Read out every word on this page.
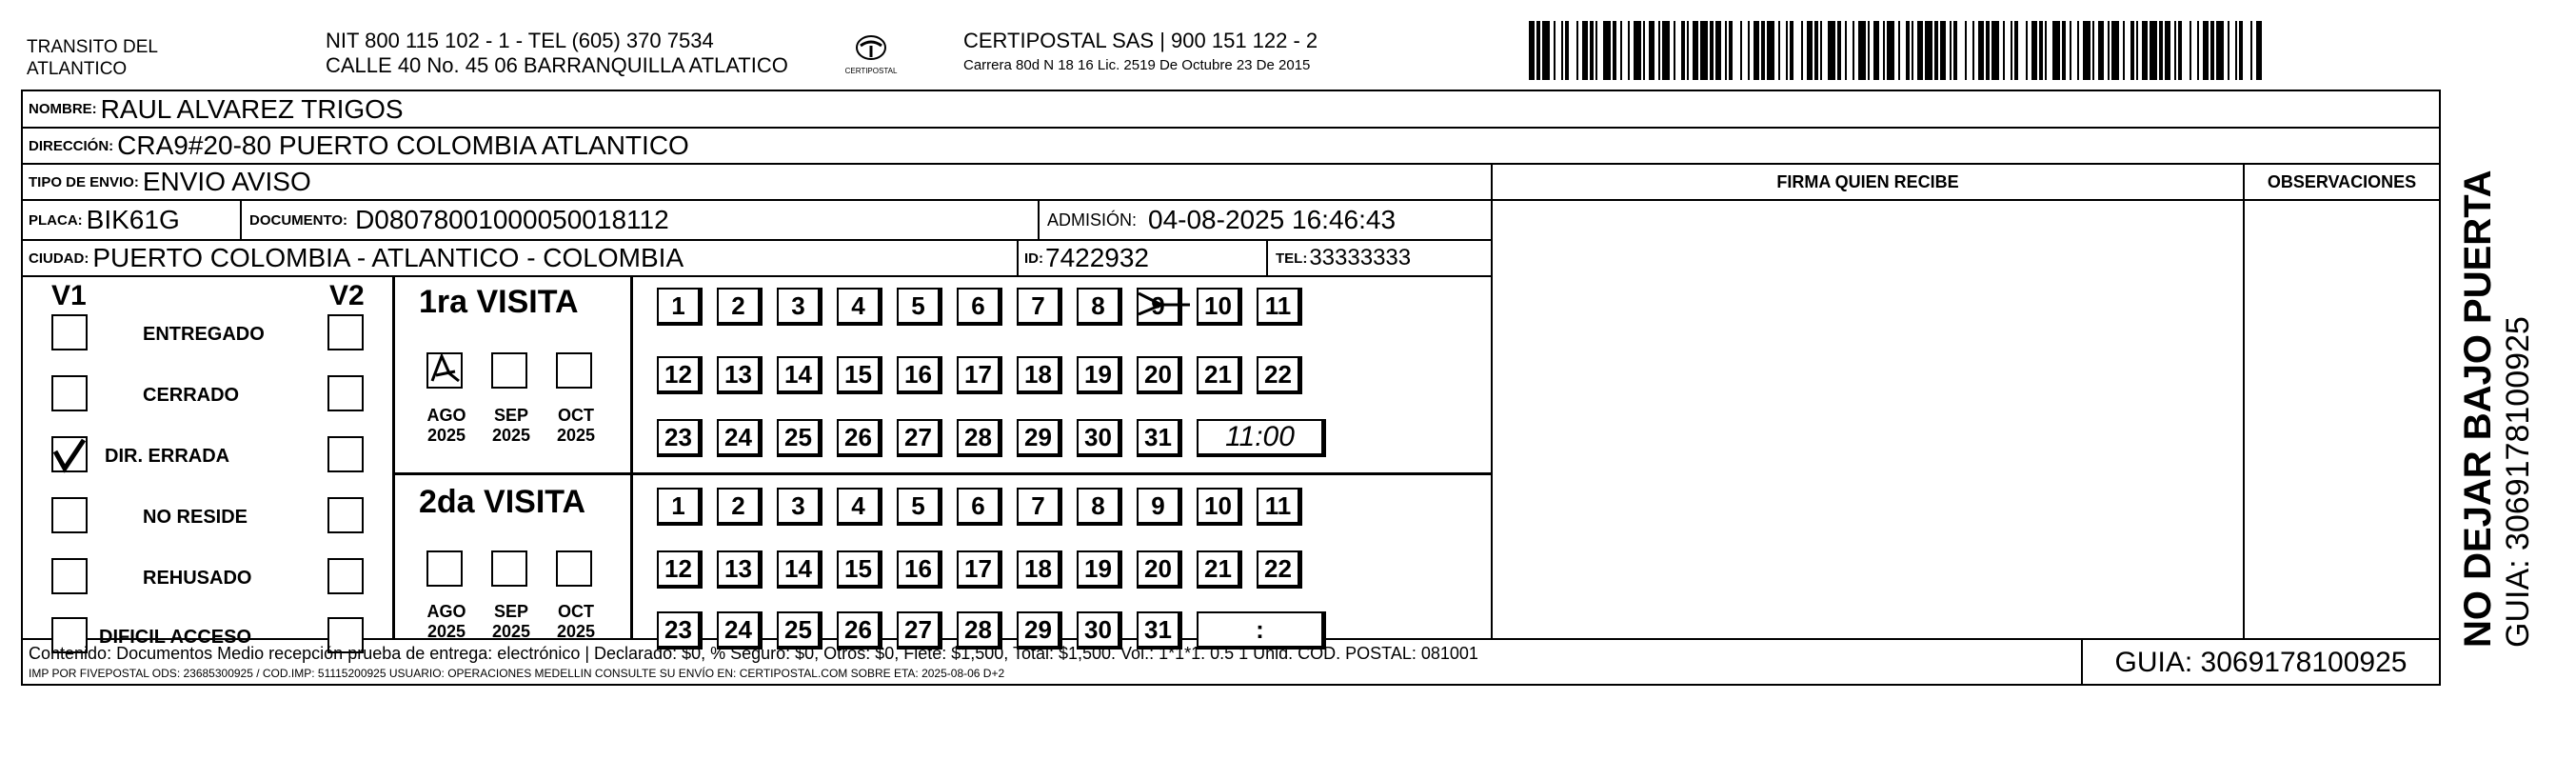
TRANSITO DEL
ATLANTICO
NIT 800 115 102 - 1 - TEL (605) 370 7534
CALLE 40 No. 45 06 BARRANQUILLA ATLATICO	CERTIPOSTAL
CERTIPOSTAL SAS | 900 151 122 - 2
Carrera 80d N 18 16 Lic. 2519 De Octubre 23 De 2015
NOMBRE: RAUL ALVAREZ TRIGOS
DIRECCIÓN: CRA9#20-80 PUERTO COLOMBIA ATLANTICO
TIPO DE ENVIO: ENVIO AVISO	FIRMA QUIEN RECIBE	OBSERVACIONES
PLACA: BIK61G	DOCUMENTO: D08078001000050018112	ADMISIÓN: 04-08-2025 16:46:43
CIUDAD: PUERTO COLOMBIA - ATLANTICO - COLOMBIA	ID: 7422932	TEL: 33333333
V1	V2
ENTREGADO
CERRADO
DIR. ERRADA
NO RESIDE
REHUSADO
DIFICIL ACCESO
1ra VISITA
AGO
2025
SEP
2025
OCT
2025
1	2	3	4	5	6	7	8	9	10	11
12	13	14	15	16	17	18	19	20	21	22
23	24	25	26	27	28	29	30	31	11:00
2da VISITA
AGO
2025
SEP
2025
OCT
2025
1	2	3	4	5	6	7	8	9	10	11
12	13	14	15	16	17	18	19	20	21	22
23	24	25	26	27	28	29	30	31	:
Contenido: Documentos Medio recepción prueba de entrega: electrónico | Declarado: $0, % Seguro: $0, Otros: $0, Flete: $1,500, Total: $1,500. Vol.: 1*1*1. 0.5 1 Unid. COD. POSTAL: 081001
IMP POR FIVEPOSTAL ODS: 23685300925 / COD.IMP: 51115200925 USUARIO: OPERACIONES MEDELLIN CONSULTE SU ENVÍO EN: CERTIPOSTAL.COM SOBRE ETA: 2025-08-06 D+2	GUIA: 3069178100925
NO DEJAR BAJO PUERTA GUIA: 3069178100925
